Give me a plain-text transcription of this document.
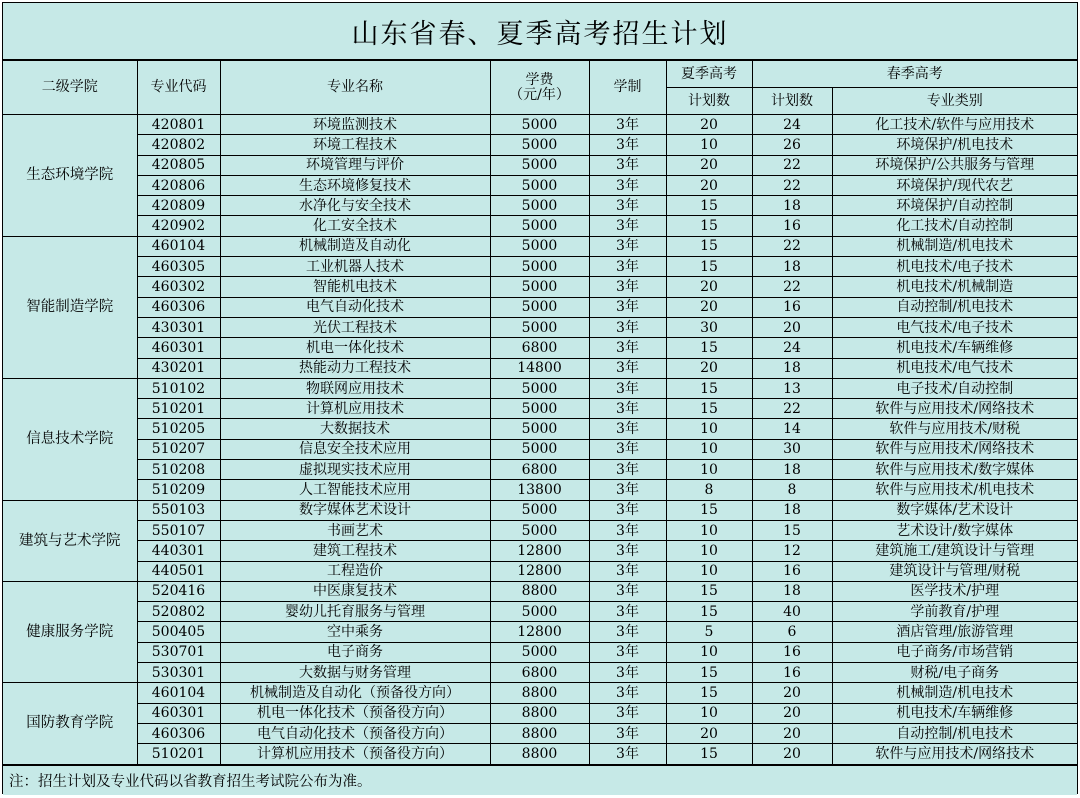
山东省春、夏季高考招生计划
二级学院	专业代码	专业名称	学费
（元/年）	学制	夏季高考	春季高考	
					计划数	计划数	专业类别
生态环境学院	420801	环境监测技术	5000	3年	20	24	化工技术/软件与应用技术
	420802	环境工程技术	5000	3年	10	26	环境保护/机电技术
	420805	环境管理与评价	5000	3年	20	22	环境保护/公共服务与管理
	420806	生态环境修复技术	5000	3年	20	22	环境保护/现代农艺
	420809	水净化与安全技术	5000	3年	15	18	环境保护/自动控制
	420902	化工安全技术	5000	3年	15	16	化工技术/自动控制
智能制造学院	460104	机械制造及自动化	5000	3年	15	22	机械制造/机电技术
	460305	工业机器人技术	5000	3年	15	18	机电技术/电子技术
	460302	智能机电技术	5000	3年	20	22	机电技术/机械制造
	460306	电气自动化技术	5000	3年	20	16	自动控制/机电技术
	430301	光伏工程技术	5000	3年	30	20	电气技术/电子技术
	460301	机电一体化技术	6800	3年	15	24	机电技术/车辆维修
	430201	热能动力工程技术	14800	3年	20	18	机电技术/电气技术
信息技术学院	510102	物联网应用技术	5000	3年	15	13	电子技术/自动控制
	510201	计算机应用技术	5000	3年	15	22	软件与应用技术/网络技术
	510205	大数据技术	5000	3年	10	14	软件与应用技术/财税
	510207	信息安全技术应用	5000	3年	10	30	软件与应用技术/网络技术
	510208	虚拟现实技术应用	6800	3年	10	18	软件与应用技术/数字媒体
	510209	人工智能技术应用	13800	3年	8	8	软件与应用技术/机电技术
建筑与艺术学院	550103	数字媒体艺术设计	5000	3年	15	18	数字媒体/艺术设计
	550107	书画艺术	5000	3年	10	15	艺术设计/数字媒体
	440301	建筑工程技术	12800	3年	10	12	建筑施工/建筑设计与管理
	440501	工程造价	12800	3年	10	16	建筑设计与管理/财税
健康服务学院	520416	中医康复技术	8800	3年	15	18	医学技术/护理
	520802	婴幼儿托育服务与管理	5000	3年	15	40	学前教育/护理
	500405	空中乘务	12800	3年	5	6	酒店管理/旅游管理
	530701	电子商务	5000	3年	10	16	电子商务/市场营销
	530301	大数据与财务管理	6800	3年	15	16	财税/电子商务
国防教育学院	460104	机械制造及自动化（预备役方向）	8800	3年	15	20	机械制造/机电技术
	460301	机电一体化技术（预备役方向）	8800	3年	10	20	机电技术/车辆维修
	460306	电气自动化技术（预备役方向）	8800	3年	20	20	自动控制/机电技术
	510201	计算机应用技术（预备役方向）	8800	3年	15	20	软件与应用技术/网络技术
注：招生计划及专业代码以省教育招生考试院公布为准。
